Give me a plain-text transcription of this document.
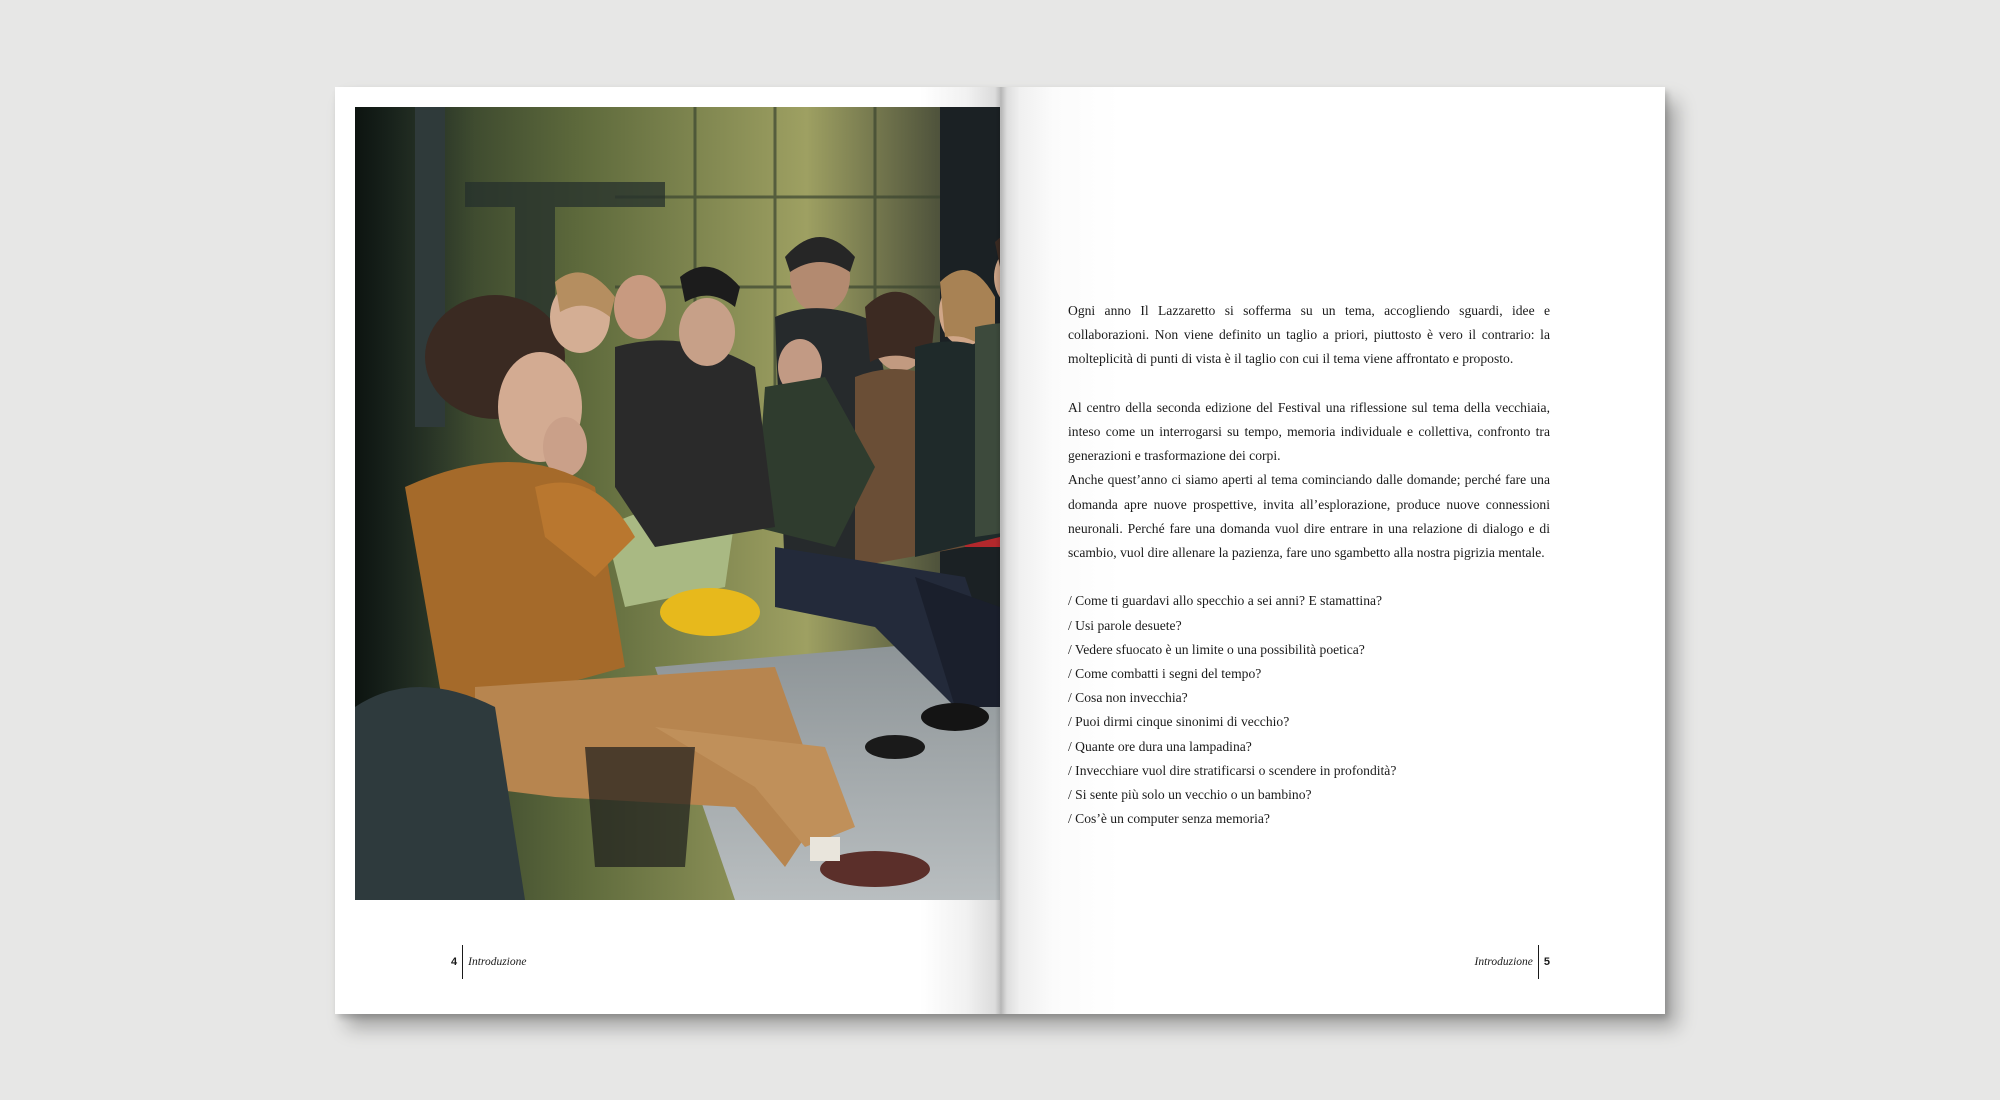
4 Introduzione

Ogni anno Il Lazzaretto si sofferma su un tema, accogliendo sguardi, idee e collaborazioni. Non viene definito un taglio a priori, piuttosto è vero il contrario: la molteplicità di punti di vista è il taglio con cui il tema viene affrontato e proposto.

Al centro della seconda edizione del Festival una riflessione sul tema della vecchiaia, inteso come un interrogarsi su tempo, memoria individuale e collettiva, confronto tra generazioni e trasformazione dei corpi.

Anche quest’anno ci siamo aperti al tema cominciando dalle domande; perché fare una domanda apre nuove prospettive, invita all’esplorazione, produce nuove connessioni neuronali. Perché fare una domanda vuol dire entrare in una relazione di dialogo e di scambio, vuol dire allenare la pazienza, fare uno sgambetto alla nostra pigrizia mentale.

/ Come ti guardavi allo specchio a sei anni? E stamattina?
/ Usi parole desuete?
/ Vedere sfuocato è un limite o una possibilità poetica?
/ Come combatti i segni del tempo?
/ Cosa non invecchia?
/ Puoi dirmi cinque sinonimi di vecchio?
/ Quante ore dura una lampadina?
/ Invecchiare vuol dire stratificarsi o scendere in profondità?
/ Si sente più solo un vecchio o un bambino?
/ Cos’è un computer senza memoria?
Introduzione 5
